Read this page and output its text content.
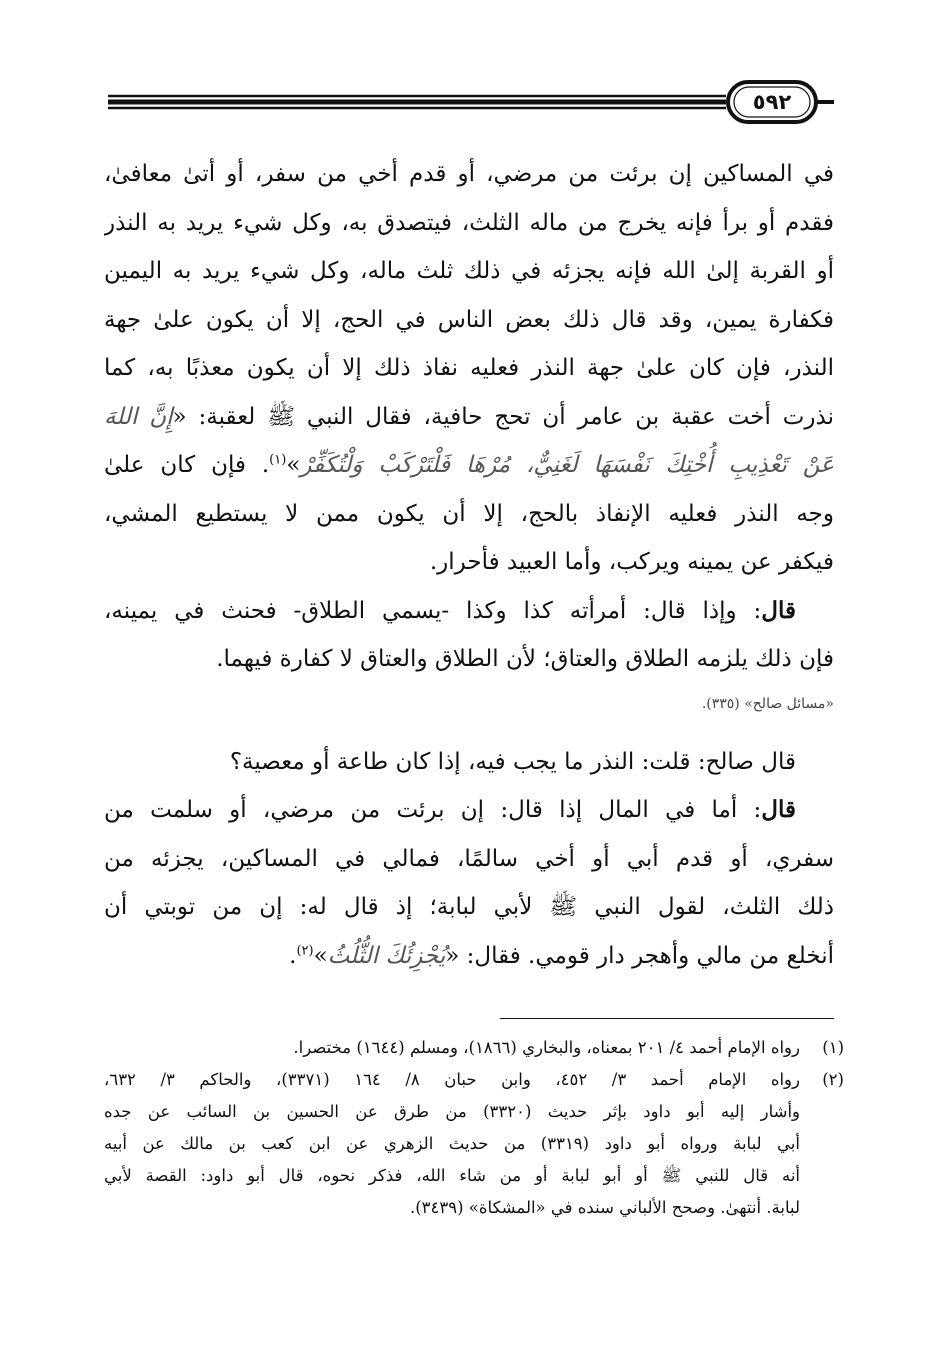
٥٩٢
في المساكين إن برئت من مرضي، أو قدم أخي من سفر، أو أتىٰ معافىٰ،
فقدم أو برأ فإنه يخرج من ماله الثلث، فيتصدق به، وكل شيء يريد به النذر
أو القربة إلىٰ الله فإنه يجزئه في ذلك ثلث ماله، وكل شيء يريد به اليمين
فكفارة يمين، وقد قال ذلك بعض الناس في الحج، إلا أن يكون علىٰ جهة
النذر، فإن كان علىٰ جهة النذر فعليه نفاذ ذلك إلا أن يكون معذبًا به، كما
نذرت أخت عقبة بن عامر أن تحج حافية، فقال النبي ﷺ لعقبة: «إِنَّ اللهَ
عَنْ تَعْذِيبِ أُخْتِكَ نَفْسَهَا لَغَنِيٌّ، مُرْهَا فَلْتَرْكَبْ وَلْتُكَفِّرْ»$^{(١)}$. فإن كان علىٰ
وجه النذر فعليه الإنفاذ بالحج، إلا أن يكون ممن لا يستطيع المشي،
فيكفر عن يمينه ويركب، وأما العبيد فأحرار.
قال: وإذا قال: أمرأته كذا وكذا -يسمي الطلاق- فحنث في يمينه،
فإن ذلك يلزمه الطلاق والعتاق؛ لأن الطلاق والعتاق لا كفارة فيهما.
«مسائل صالح» (٣٣٥).
قال صالح: قلت: النذر ما يجب فيه، إذا كان طاعة أو معصية؟
قال: أما في المال إذا قال: إن برئت من مرضي، أو سلمت من
سفري، أو قدم أبي أو أخي سالمًا، فمالي في المساكين، يجزئه من
ذلك الثلث، لقول النبي ﷺ لأبي لبابة؛ إذ قال له: إن من توبتي أن
أنخلع من مالي وأهجر دار قومي. فقال: «يُجْزِئُكَ الثُّلُثُ»$^{(٢)}$.
(١)رواه الإمام أحمد ٤/ ٢٠١ بمعناه، والبخاري (١٨٦٦)، ومسلم (١٦٤٤) مختصرا.
(٢)رواه الإمام أحمد ٣/ ٤٥٢، وابن حبان ٨/ ١٦٤ (٣٣٧١)، والحاكم ٣/ ٦٣٢،
وأشار إليه أبو داود بإثر حديث (٣٣٢٠) من طرق عن الحسين بن السائب عن جده
أبي لبابة ورواه أبو داود (٣٣١٩) من حديث الزهري عن ابن كعب بن مالك عن أبيه
أنه قال للنبي ﷺ أو أبو لبابة أو من شاء الله، فذكر نحوه، قال أبو داود: القصة لأبي
لبابة. أنتهىٰ. وصحح الألباني سنده في «المشكاة» (٣٤٣٩).
